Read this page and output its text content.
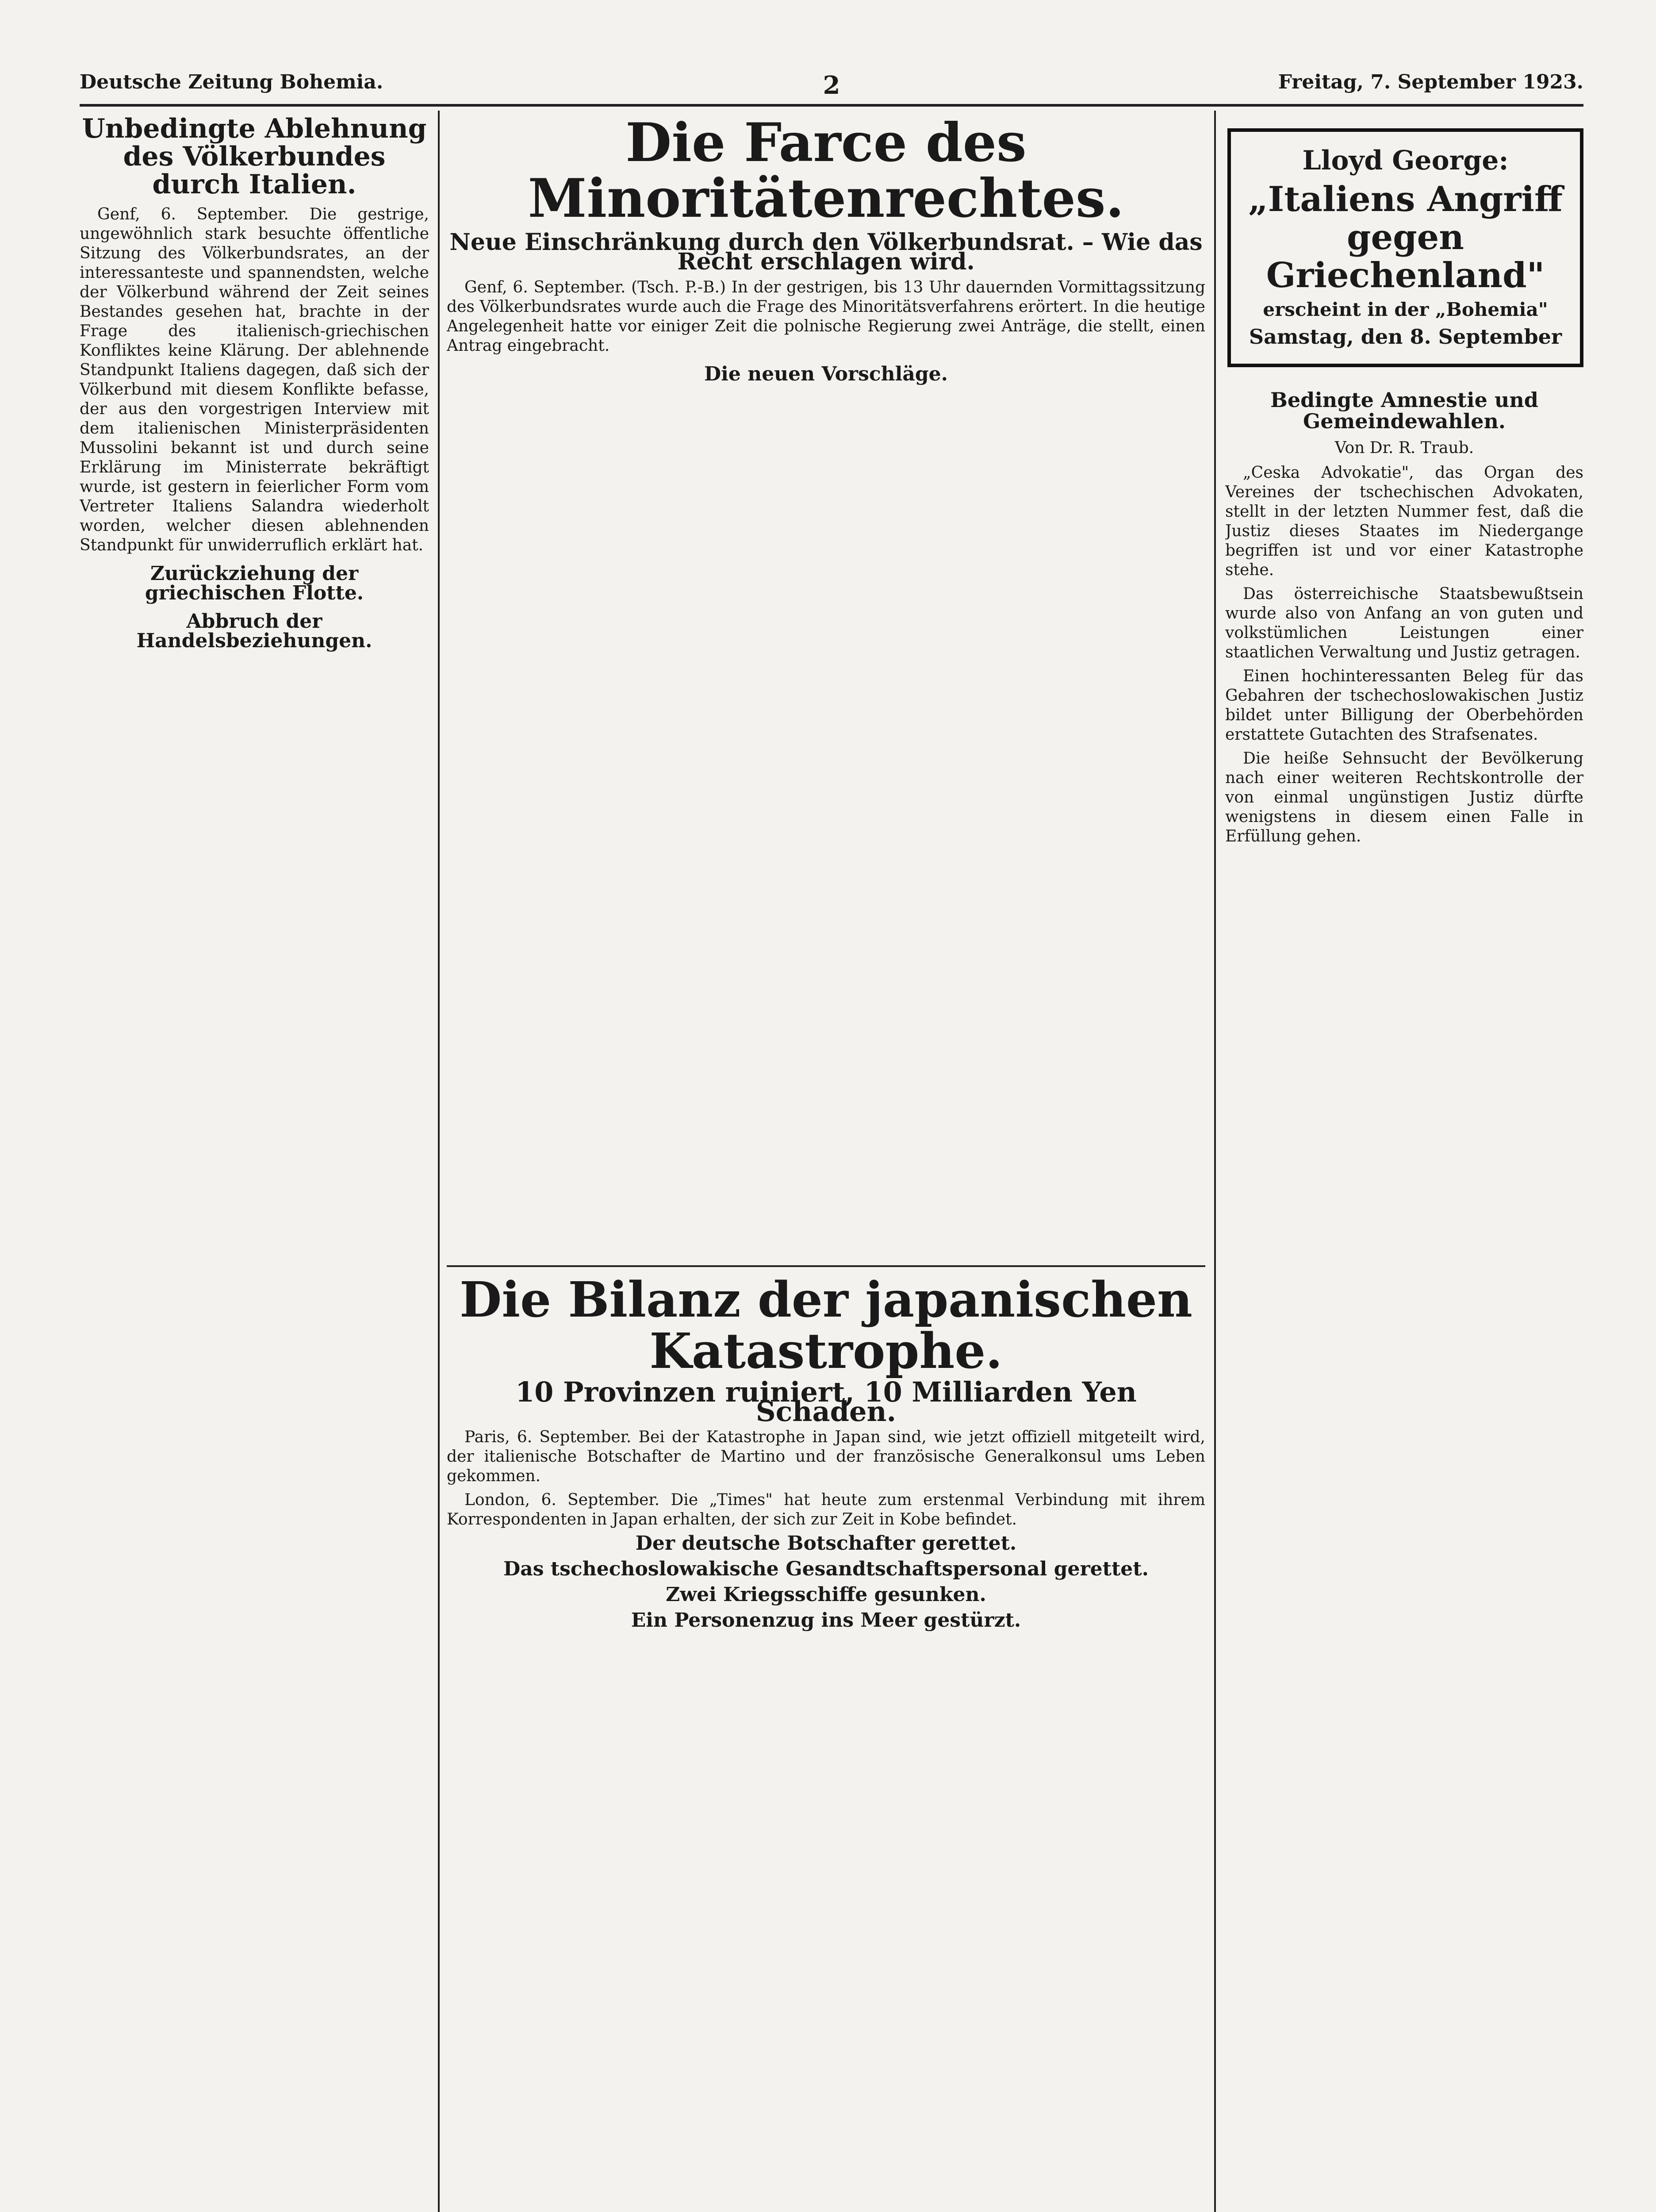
Deutsche Zeitung Bohemia.	2	Freitag, 7. September 1923.
Unbedingte Ablehnung des Völkerbundes durch Italien.

Genf, 6. September. Die gestrige, ungewöhnlich stark besuchte öffentliche Sitzung des Völkerbundsrates, an der interessanteste und spannendsten, welche der Völkerbund während der Zeit seines Bestandes gesehen hat, brachte in der Frage des italienisch-griechischen Konfliktes keine Klärung. Der ablehnende Standpunkt Italiens dagegen, daß sich der Völkerbund mit diesem Konflikte befasse, der aus den vorgestrigen Interview mit dem italienischen Ministerpräsidenten Mussolini bekannt ist und durch seine Erklärung im Ministerrate bekräftigt wurde, ist gestern in feierlicher Form vom Vertreter Italiens Salandra wiederholt worden, welcher diesen ablehnenden Standpunkt für unwiderruflich erklärt hat.

Zurückziehung der griechischen Flotte.
Abbruch der Handelsbeziehungen.
Die Farce des Minoritätenrechtes.
Neue Einschränkung durch den Völkerbundsrat. – Wie das Recht erschlagen wird.

Genf, 6. September. (Tsch. P.-B.) In der gestrigen, bis 13 Uhr dauernden Vormittagssitzung des Völkerbundsrates wurde auch die Frage des Minoritätsverfahrens erörtert. In die heutige Angelegenheit hatte vor einiger Zeit die polnische Regierung zwei Anträge, die stellt, einen Antrag eingebracht.

Die neuen Vorschläge.
Die Bilanz der japanischen Katastrophe.
10 Provinzen ruiniert, 10 Milliarden Yen Schaden.

Paris, 6. September. Bei der Katastrophe in Japan sind, wie jetzt offiziell mitgeteilt wird, der italienische Botschafter de Martino und der französische Generalkonsul ums Leben gekommen.

London, 6. September. Die „Times" hat heute zum erstenmal Verbindung mit ihrem Korrespondenten in Japan erhalten, der sich zur Zeit in Kobe befindet.

Der deutsche Botschafter gerettet.
Das tschechoslowakische Gesandtschaftspersonal gerettet.
Zwei Kriegsschiffe gesunken.
Ein Personenzug ins Meer gestürzt.
Lloyd George:
„Italiens Angriff gegen Griechenland"
erscheint in der „Bohemia"
Samstag, den 8. September
Bedingte Amnestie und Gemeindewahlen.
Von Dr. R. Traub.

„Ceska Advokatie", das Organ des Vereines der tschechischen Advokaten, stellt in der letzten Nummer fest, daß die Justiz dieses Staates im Niedergange begriffen ist und vor einer Katastrophe stehe.

Das österreichische Staatsbewußtsein wurde also von Anfang an von guten und volkstümlichen Leistungen einer staatlichen Verwaltung und Justiz getragen.

Einen hochinteressanten Beleg für das Gebahren der tschechoslowakischen Justiz bildet unter Billigung der Oberbehörden erstattete Gutachten des Strafsenates.

Die heiße Sehnsucht der Bevölkerung nach einer weiteren Rechtskontrolle der von einmal ungünstigen Justiz dürfte wenigstens in diesem einen Falle in Erfüllung gehen.
